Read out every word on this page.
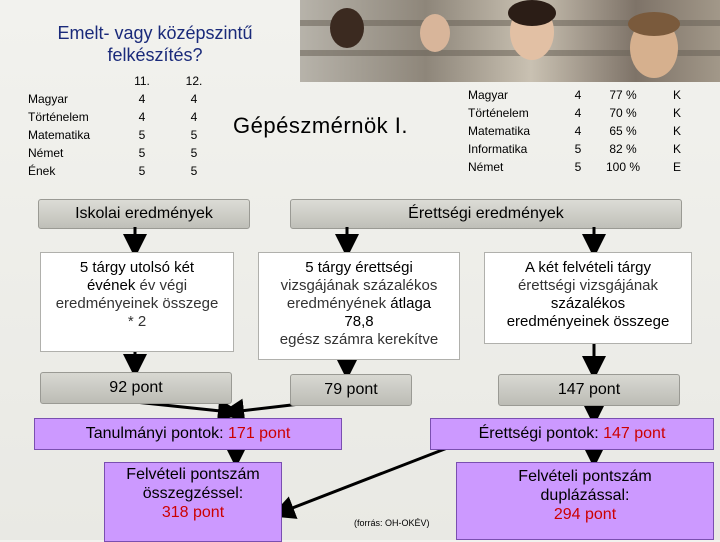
Emelt- vagy középszintű felkészítés?
	11.	12.
Magyar	4	4
Történelem	4	4
Matematika	5	5
Német	5	5
Ének	5	5
Gépészmérnök I.
Magyar	4	77 %	K
Történelem	4	70 %	K
Matematika	4	65 %	K
Informatika	5	82 %	K
Német	5	100 %	E
Iskolai eredmények	Érettségi eredmények
5 tárgy utolsó két
évének év végi
eredményeinek összege
* 2
5 tárgy érettségi
vizsgájának százalékos
eredményének átlaga
78,8
egész számra kerekítve
A két felvételi tárgy
érettségi vizsgájának
százalékos
eredményeinek összege
92 pont	79 pont	147 pont
Tanulmányi pontok: 171 pont	Érettségi pontok: 147 pont
Felvételi pontszám
összegzéssel:
318 pont
Felvételi pontszám
duplázással:
294 pont
(forrás: OH-OKÉV)
